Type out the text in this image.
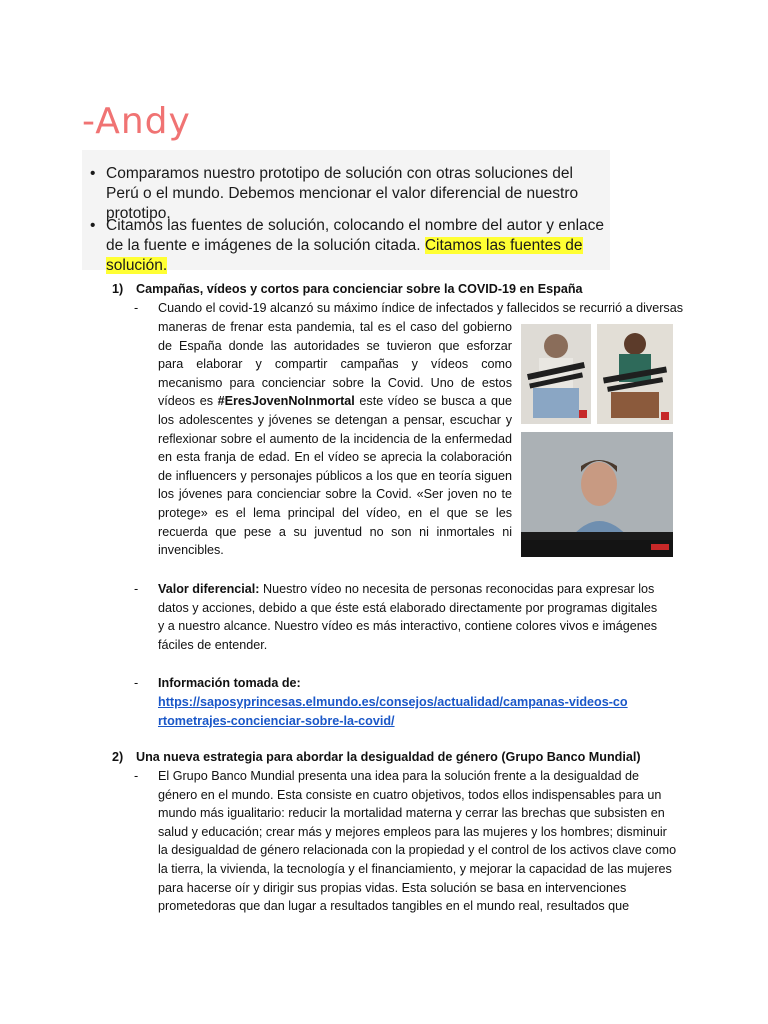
-Andy
• Comparamos nuestro prototipo de solución con otras soluciones del Perú o el mundo. Debemos mencionar el valor diferencial de nuestro prototipo.
• Citamos las fuentes de solución, colocando el nombre del autor y enlace de la fuente e imágenes de la solución citada. Citamos las fuentes de solución.
1) Campañas, vídeos y cortos para concienciar sobre la COVID-19 en España
- Cuando el covid-19 alcanzó su máximo índice de infectados y fallecidos se recurrió a diversas
maneras de frenar esta pandemia, tal es el caso del gobierno de España donde las autoridades se tuvieron que esforzar para elaborar y compartir campañas y vídeos como mecanismo para concienciar sobre la Covid. Uno de estos vídeos es #EresJovenNoInmortal este vídeo se busca a que los adolescentes y jóvenes se detengan a pensar, escuchar y reflexionar sobre el aumento de la incidencia de la enfermedad en esta franja de edad. En el vídeo se aprecia la colaboración de influencers y personajes públicos a los que en teoría siguen los jóvenes para concienciar sobre la Covid. «Ser joven no te protege» es el lema principal del vídeo, en el que se les recuerda que pese a su juventud no son ni inmortales ni invencibles.
- Valor diferencial: Nuestro vídeo no necesita de personas reconocidas para expresar los datos y acciones, debido a que éste está elaborado directamente por programas digitales y a nuestro alcance. Nuestro vídeo es más interactivo, contiene colores vivos e imágenes fáciles de entender.
- Información tomada de:
https://saposyprincesas.elmundo.es/consejos/actualidad/campanas-videos-cortometrajes-concienciar-sobre-la-covid/
2) Una nueva estrategia para abordar la desigualdad de género (Grupo Banco Mundial)
- El Grupo Banco Mundial presenta una idea para la solución frente a la desigualdad de género en el mundo. Esta consiste en cuatro objetivos, todos ellos indispensables para un mundo más igualitario: reducir la mortalidad materna y cerrar las brechas que subsisten en salud y educación; crear más y mejores empleos para las mujeres y los hombres; disminuir la desigualdad de género relacionada con la propiedad y el control de los activos clave como la tierra, la vivienda, la tecnología y el financiamiento, y mejorar la capacidad de las mujeres para hacerse oír y dirigir sus propias vidas. Esta solución se basa en intervenciones prometedoras que dan lugar a resultados tangibles en el mundo real, resultados que
